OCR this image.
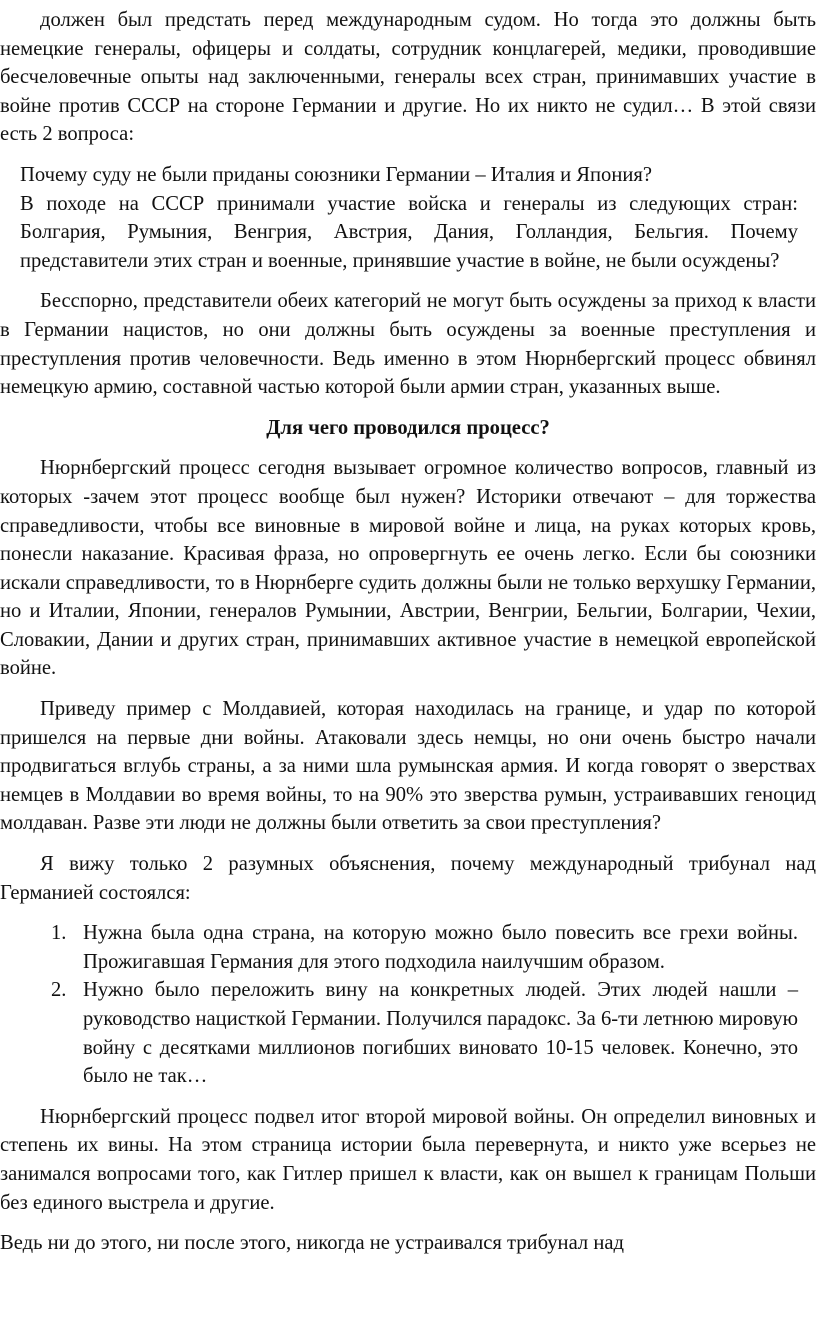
должен был предстать перед международным судом. Но тогда это должны быть немецкие генералы, офицеры и солдаты, сотрудник концлагерей, медики, проводившие бесчеловечные опыты над заключенными, генералы всех стран, принимавших участие в войне против СССР на стороне Германии и другие. Но их никто не судил… В этой связи есть 2 вопроса:

Почему суду не были приданы союзники Германии – Италия и Япония?

В походе на СССР принимали участие войска и генералы из следующих стран: Болгария, Румыния, Венгрия, Австрия, Дания, Голландия, Бельгия. Почему представители этих стран и военные, принявшие участие в войне, не были осуждены?

Бесспорно, представители обеих категорий не могут быть осуждены за приход к власти в Германии нацистов, но они должны быть осуждены за военные преступления и преступления против человечности. Ведь именно в этом Нюрнбергский процесс обвинял немецкую армию, составной частью которой были армии стран, указанных выше.

Для чего проводился процесс?

Нюрнбергский процесс сегодня вызывает огромное количество вопросов, главный из которых -зачем этот процесс вообще был нужен? Историки отвечают – для торжества справедливости, чтобы все виновные в мировой войне и лица, на руках которых кровь, понесли наказание. Красивая фраза, но опровергнуть ее очень легко. Если бы союзники искали справедливости, то в Нюрнберге судить должны были не только верхушку Германии, но и Италии, Японии, генералов Румынии, Австрии, Венгрии, Бельгии, Болгарии, Чехии, Словакии, Дании и других стран, принимавших активное участие в немецкой европейской войне.

Приведу пример с Молдавией, которая находилась на границе, и удар по которой пришелся на первые дни войны. Атаковали здесь немцы, но они очень быстро начали продвигаться вглубь страны, а за ними шла румынская армия. И когда говорят о зверствах немцев в Молдавии во время войны, то на 90% это зверства румын, устраивавших геноцид молдаван. Разве эти люди не должны были ответить за свои преступления?

Я вижу только 2 разумных объяснения, почему международный трибунал над Германией состоялся:

1. Нужна была одна страна, на которую можно было повесить все грехи войны. Прожигавшая Германия для этого подходила наилучшим образом.
2. Нужно было переложить вину на конкретных людей. Этих людей нашли – руководство нацисткой Германии. Получился парадокс. За 6-ти летнюю мировую войну с десятками миллионов погибших виновато 10-15 человек. Конечно, это было не так…

Нюрнбергский процесс подвел итог второй мировой войны. Он определил виновных и степень их вины. На этом страница истории была перевернута, и никто уже всерьез не занимался вопросами того, как Гитлер пришел к власти, как он вышел к границам Польши без единого выстрела и другие.

Ведь ни до этого, ни после этого, никогда не устраивался трибунал над
